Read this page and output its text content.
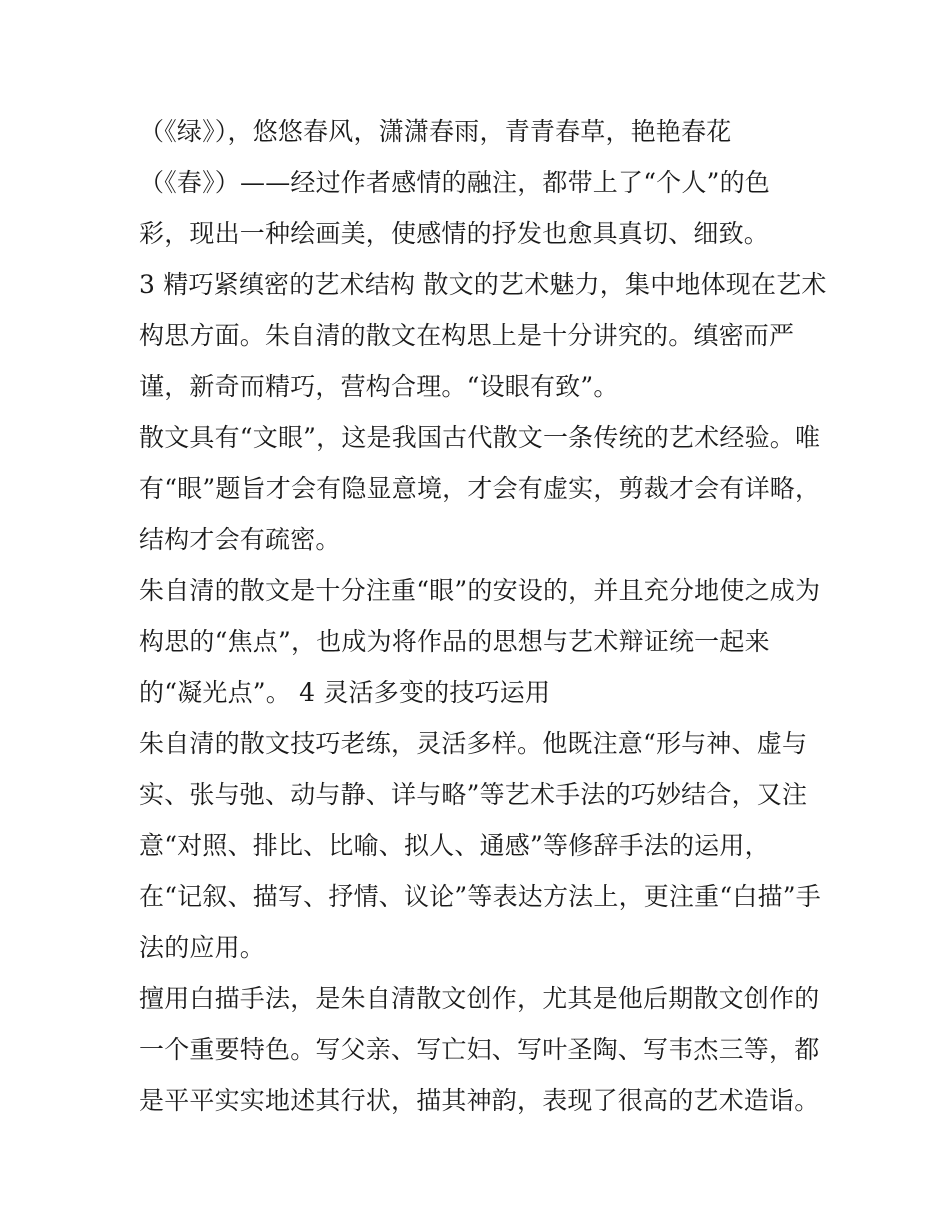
（《绿》），悠悠春风，潇潇春雨，青青春草，艳艳春花
（《春》）——经过作者感情的融注，都带上了“个人”的色
彩，现出一种绘画美，使感情的抒发也愈具真切、细致。
3 精巧紧缜密的艺术结构 散文的艺术魅力，集中地体现在艺术
构思方面。朱自清的散文在构思上是十分讲究的。缜密而严
谨，新奇而精巧，营构合理。“设眼有致”。
散文具有“文眼”，这是我国古代散文一条传统的艺术经验。唯
有“眼”题旨才会有隐显意境，才会有虚实，剪裁才会有详略，
结构才会有疏密。
朱自清的散文是十分注重“眼”的安设的，并且充分地使之成为
构思的“焦点”，也成为将作品的思想与艺术辩证统一起来
的“凝光点”。 4 灵活多变的技巧运用
朱自清的散文技巧老练，灵活多样。他既注意“形与神、虚与
实、张与弛、动与静、详与略”等艺术手法的巧妙结合，又注
意“对照、排比、比喻、拟人、通感”等修辞手法的运用，
在“记叙、描写、抒情、议论”等表达方法上，更注重“白描”手
法的应用。
擅用白描手法，是朱自清散文创作，尤其是他后期散文创作的
一个重要特色。写父亲、写亡妇、写叶圣陶、写韦杰三等，都
是平平实实地述其行状，描其神韵，表现了很高的艺术造诣。
